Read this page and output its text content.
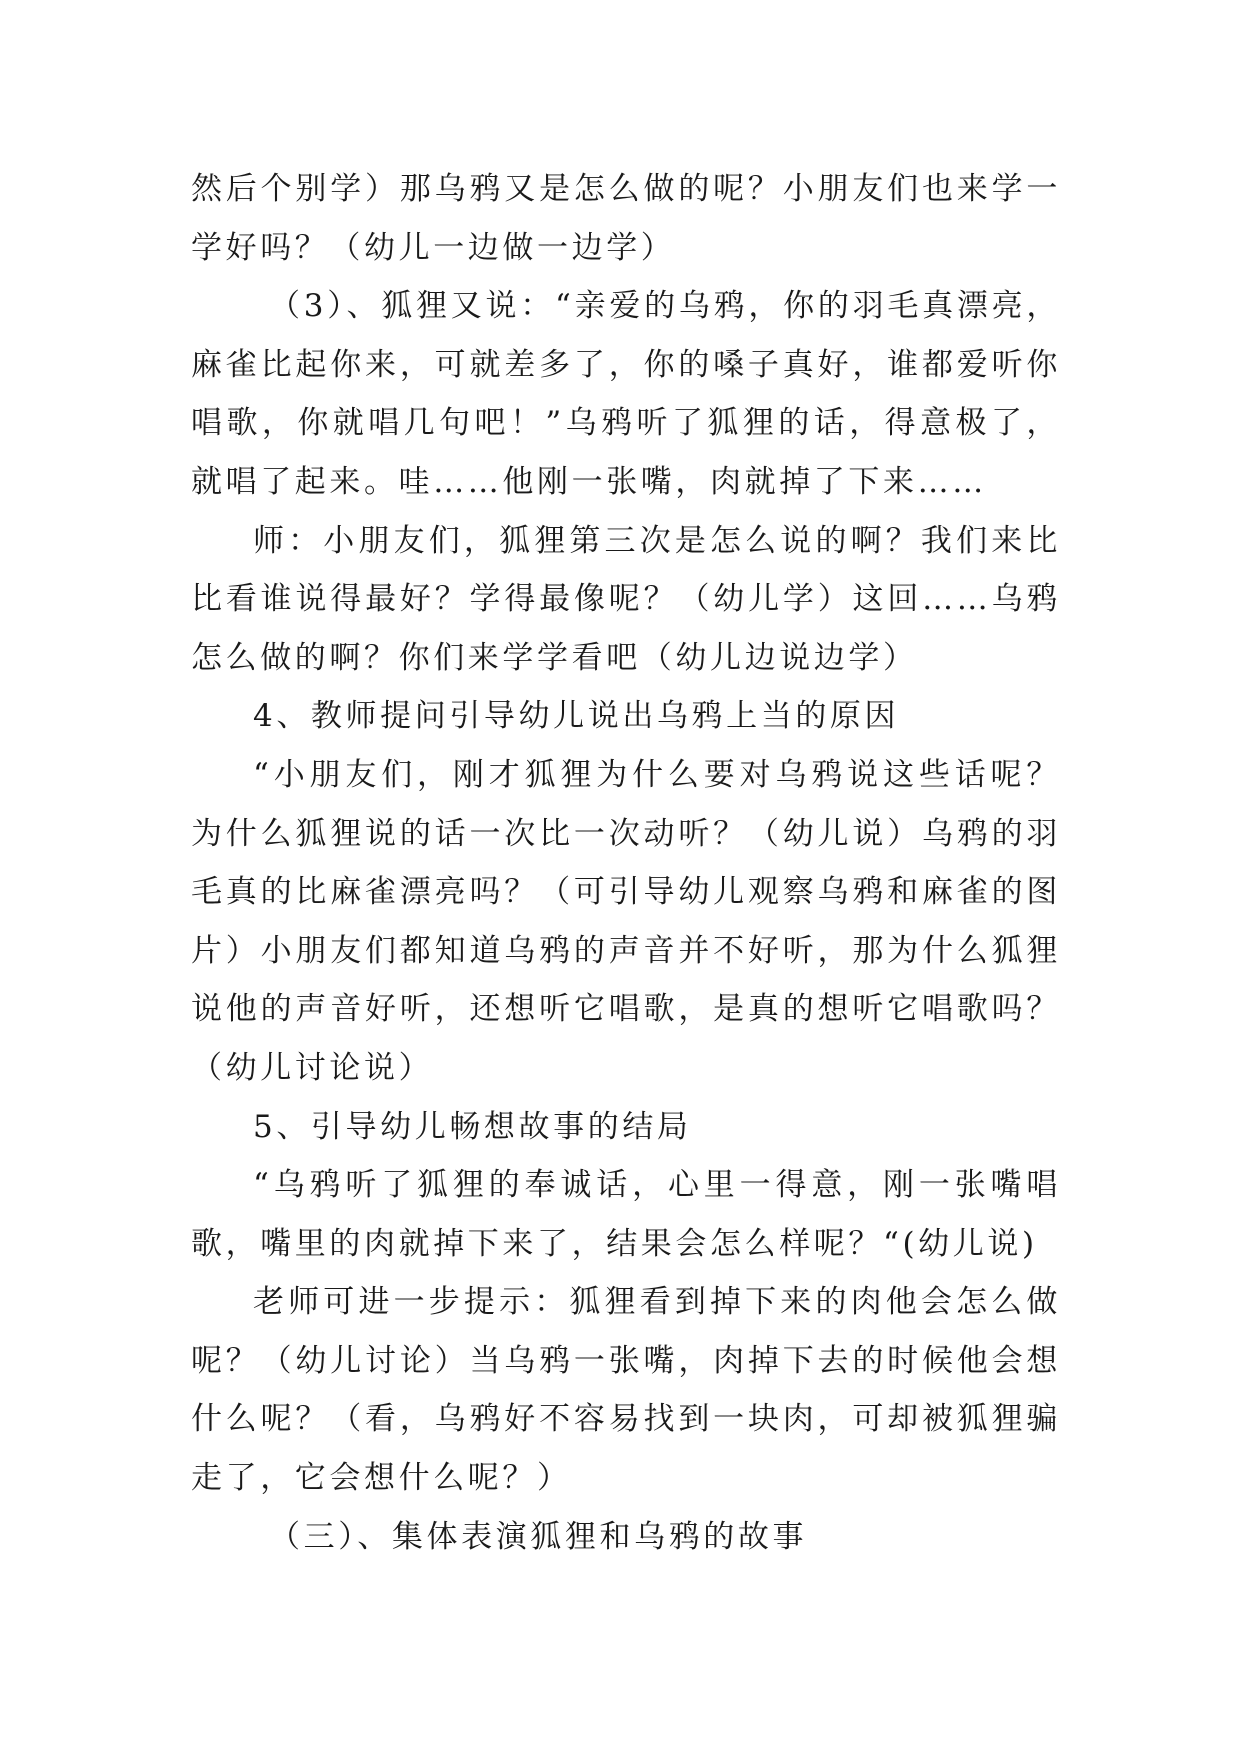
然后个别学）那乌鸦又是怎么做的呢？小朋友们也来学一学好吗？（幼儿一边做一边学）

（3）、狐狸又说：“亲爱的乌鸦，你的羽毛真漂亮，麻雀比起你来，可就差多了，你的嗓子真好，谁都爱听你唱歌，你就唱几句吧！”乌鸦听了狐狸的话，得意极了，就唱了起来。哇……他刚一张嘴，肉就掉了下来……

师：小朋友们，狐狸第三次是怎么说的啊？我们来比比看谁说得最好？学得最像呢？（幼儿学）这回……乌鸦怎么做的啊？你们来学学看吧（幼儿边说边学）

4、教师提问引导幼儿说出乌鸦上当的原因

“小朋友们，刚才狐狸为什么要对乌鸦说这些话呢？为什么狐狸说的话一次比一次动听？（幼儿说）乌鸦的羽毛真的比麻雀漂亮吗？（可引导幼儿观察乌鸦和麻雀的图片）小朋友们都知道乌鸦的声音并不好听，那为什么狐狸说他的声音好听，还想听它唱歌，是真的想听它唱歌吗？（幼儿讨论说）

5、引导幼儿畅想故事的结局

“乌鸦听了狐狸的奉诚话，心里一得意，刚一张嘴唱歌，嘴里的肉就掉下来了，结果会怎么样呢？“(幼儿说)

老师可进一步提示：狐狸看到掉下来的肉他会怎么做呢？（幼儿讨论）当乌鸦一张嘴，肉掉下去的时候他会想什么呢？（看，乌鸦好不容易找到一块肉，可却被狐狸骗走了，它会想什么呢？）

（三）、集体表演狐狸和乌鸦的故事
